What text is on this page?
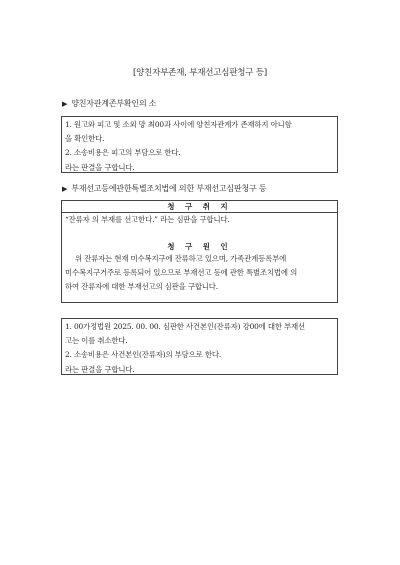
[양친자부존재, 부재선고심판청구 등]
▶ 양친자관계존부확인의 소
1. 원고와 피고 및 소외 망 최00과 사이에 양친자관계가 존재하지 아니함
을 확인한다.
2. 소송비용은 피고의 부담으로 한다.
라는 판결을 구합니다.
▶ 부재선고등에관한특별조치법에 의한 부재선고심판청구 등
청 구 취 지
“잔류자 의 부재를 선고한다.” 라는 심판을 구합니다.
청 구 원 인
위 잔류자는 현재 미수복지구에 잔류하고 있으며, 가족관계등록부에
미수복지구거주로 등록되어 있으므로 부재선고 등에 관한 특별조치법에 의
하여 잔류자에 대한 부재선고의 심판을 구합니다.
1. 00가정법원 2025. 00. 00. 심판한 사건본인(잔류자) 강00에 대한 부재선
고는 이를 취소한다.
2. 소송비용은 사건본인(잔류자)의 부담으로 한다.
라는 판결을 구합니다.
